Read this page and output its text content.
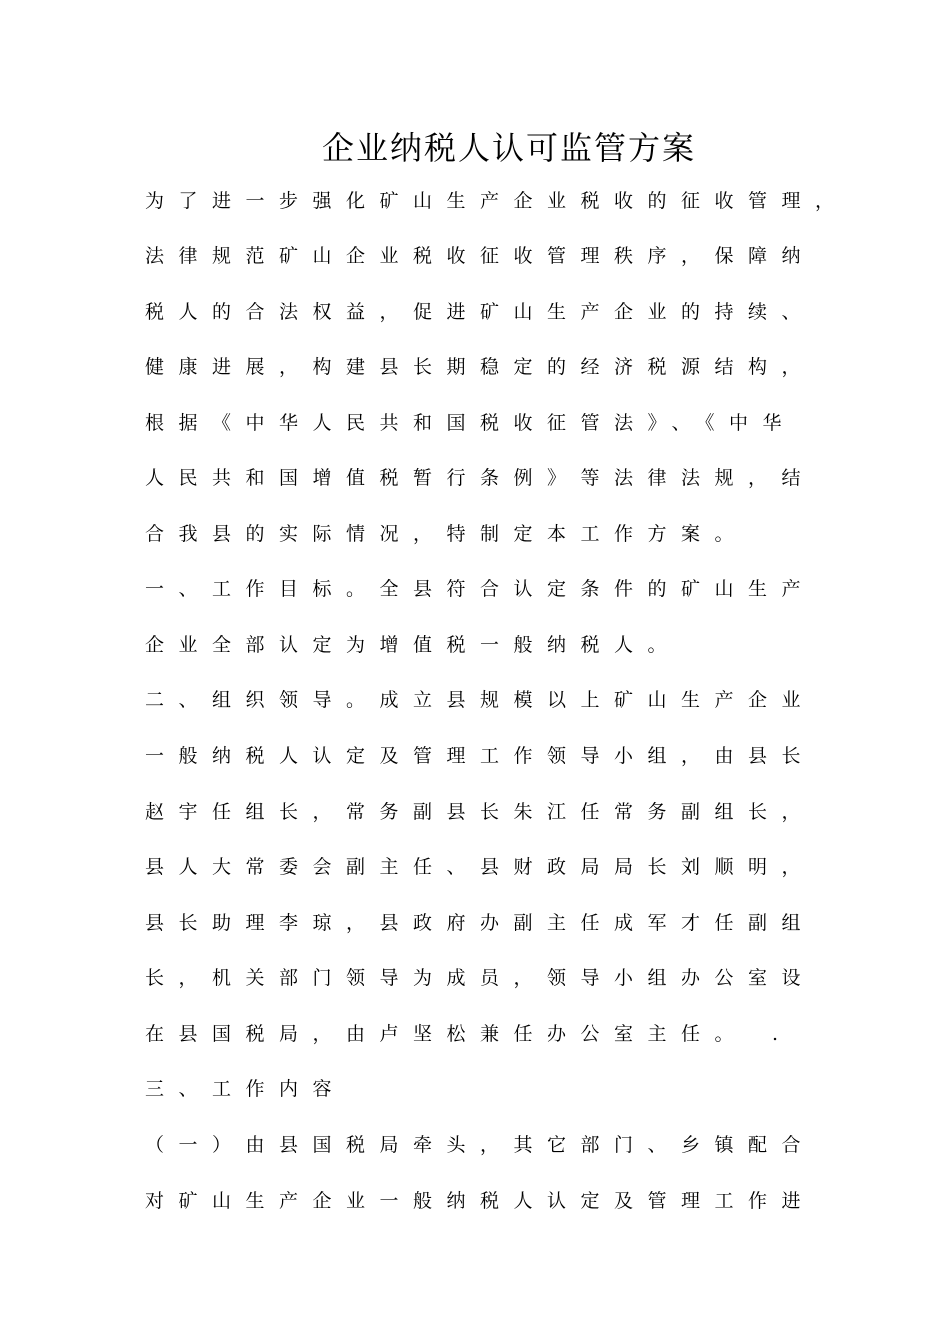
企业纳税人认可监管方案
为了进一步强化矿山生产企业税收的征收管理，
法律规范矿山企业税收征收管理秩序，保障纳
税人的合法权益，促进矿山生产企业的持续、
健康进展，构建县长期稳定的经济税源结构，
根据《中华人民共和国税收征管法》、《中华
人民共和国增值税暂行条例》等法律法规，结
合我县的实际情况，特制定本工作方案。
一、工作目标。全县符合认定条件的矿山生产
企业全部认定为增值税一般纳税人。
二、组织领导。成立县规模以上矿山生产企业
一般纳税人认定及管理工作领导小组，由县长
赵宇任组长，常务副县长朱江任常务副组长，
县人大常委会副主任、县财政局局长刘顺明，
县长助理李琼，县政府办副主任成军才任副组
长，机关部门领导为成员，领导小组办公室设
在县国税局，由卢坚松兼任办公室主任。　.
三、工作内容
（一）由县国税局牵头，其它部门、乡镇配合
对矿山生产企业一般纳税人认定及管理工作进
